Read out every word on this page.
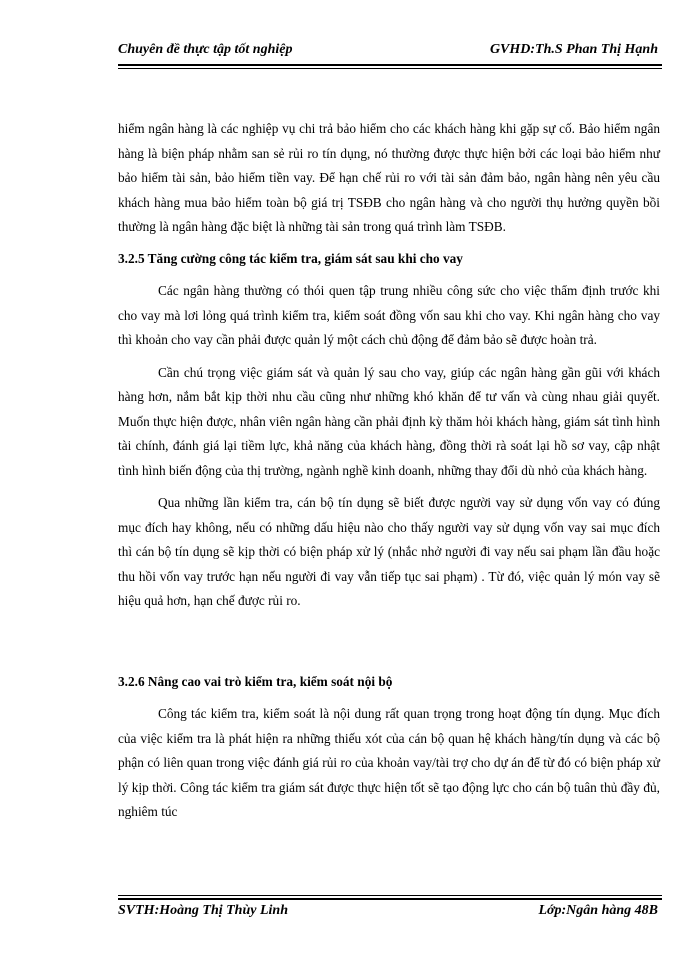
Chuyên đề thực tập tốt nghiệp	GVHD:Th.S Phan Thị Hạnh

hiểm ngân hàng là các nghiệp vụ chi trả bảo hiểm cho các khách hàng khi gặp sự cố. Bảo hiểm ngân hàng là biện pháp nhằm san sẻ rủi ro tín dụng, nó thường được thực hiện bởi các loại bảo hiểm như bảo hiểm tài sản, bảo hiểm tiền vay. Để hạn chế rủi ro với tài sản đảm bảo, ngân hàng nên yêu cầu khách hàng mua bảo hiểm toàn bộ giá trị TSĐB cho ngân hàng và cho người thụ hưởng quyền bồi thường là ngân hàng đặc biệt là những tài sản trong quá trình làm TSĐB.

3.2.5 Tăng cường công tác kiểm tra, giám sát sau khi cho vay

Các ngân hàng thường có thói quen tập trung nhiều công sức cho việc thẩm định trước khi cho vay mà lơi lỏng quá trình kiểm tra, kiểm soát đồng vốn sau khi cho vay. Khi ngân hàng cho vay thì khoản cho vay cần phải được quản lý một cách chủ động để đảm bảo sẽ được hoàn trả.

Cần chú trọng việc giám sát và quản lý sau cho vay, giúp các ngân hàng gần gũi với khách hàng hơn, nắm bắt kịp thời nhu cầu cũng như những khó khăn để tư vấn và cùng nhau giải quyết. Muốn thực hiện được, nhân viên ngân hàng cần phải định kỳ thăm hỏi khách hàng, giám sát tình hình tài chính, đánh giá lại tiềm lực, khả năng của khách hàng, đồng thời rà soát lại hồ sơ vay, cập nhật tình hình biến động của thị trường, ngành nghề kinh doanh, những thay đổi dù nhỏ của khách hàng.

Qua những lần kiểm tra, cán bộ tín dụng sẽ biết được người vay sử dụng vốn vay có đúng mục đích hay không, nếu có những dấu hiệu nào cho thấy người vay sử dụng vốn vay sai mục đích thì cán bộ tín dụng sẽ kịp thời có biện pháp xử lý (nhắc nhở người đi vay nếu sai phạm lần đầu hoặc thu hồi vốn vay trước hạn nếu người đi vay vẫn tiếp tục sai phạm) . Từ đó, việc quản lý món vay sẽ hiệu quả hơn, hạn chế được rủi ro.

3.2.6 Nâng cao vai trò kiểm tra, kiểm soát nội bộ

Công tác kiểm tra, kiểm soát là nội dung rất quan trọng trong hoạt động tín dụng. Mục đích của việc kiểm tra là phát hiện ra những thiếu xót của cán bộ quan hệ khách hàng/tín dụng và các bộ phận có liên quan trong việc đánh giá rủi ro của khoản vay/tài trợ cho dự án để từ đó có biện pháp xử lý kịp thời. Công tác kiểm tra giám sát được thực hiện tốt sẽ tạo động lực cho cán bộ tuân thủ đầy đủ, nghiêm túc

SVTH:Hoàng Thị Thùy Linh	Lớp:Ngân hàng 48B
